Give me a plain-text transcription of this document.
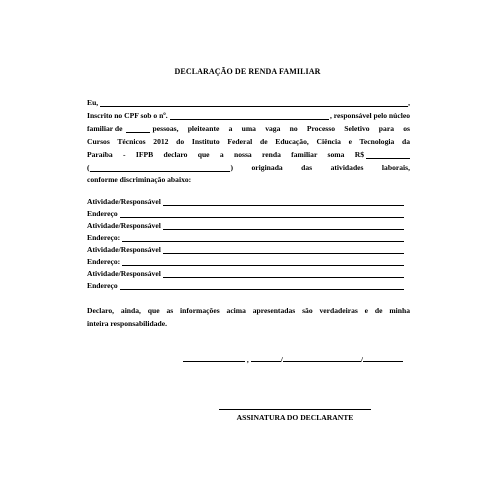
DECLARAÇÃO DE RENDA FAMILIAR
Eu,	,
Inscrito no CPF sob o nº.	, responsável pelo núcleo
familiar de	pessoas, pleiteante a uma vaga no Processo Seletivo para os
Cursos Técnicos 2012 do Instituto Federal de Educação, Ciência e Tecnologia da
Paraíba - IFPB declaro que a nossa renda familiar soma R$
(	) originada das atividades laborais,
conforme discriminação abaixo:
Atividade/Responsável
Endereço
Atividade/Responsável
Endereço:
Atividade/Responsável
Endereço:
Atividade/Responsável
Endereço
Declaro, ainda, que as informações acima apresentadas são verdadeiras e de minha
inteira responsabilidade.
,	/	/
ASSINATURA DO DECLARANTE
